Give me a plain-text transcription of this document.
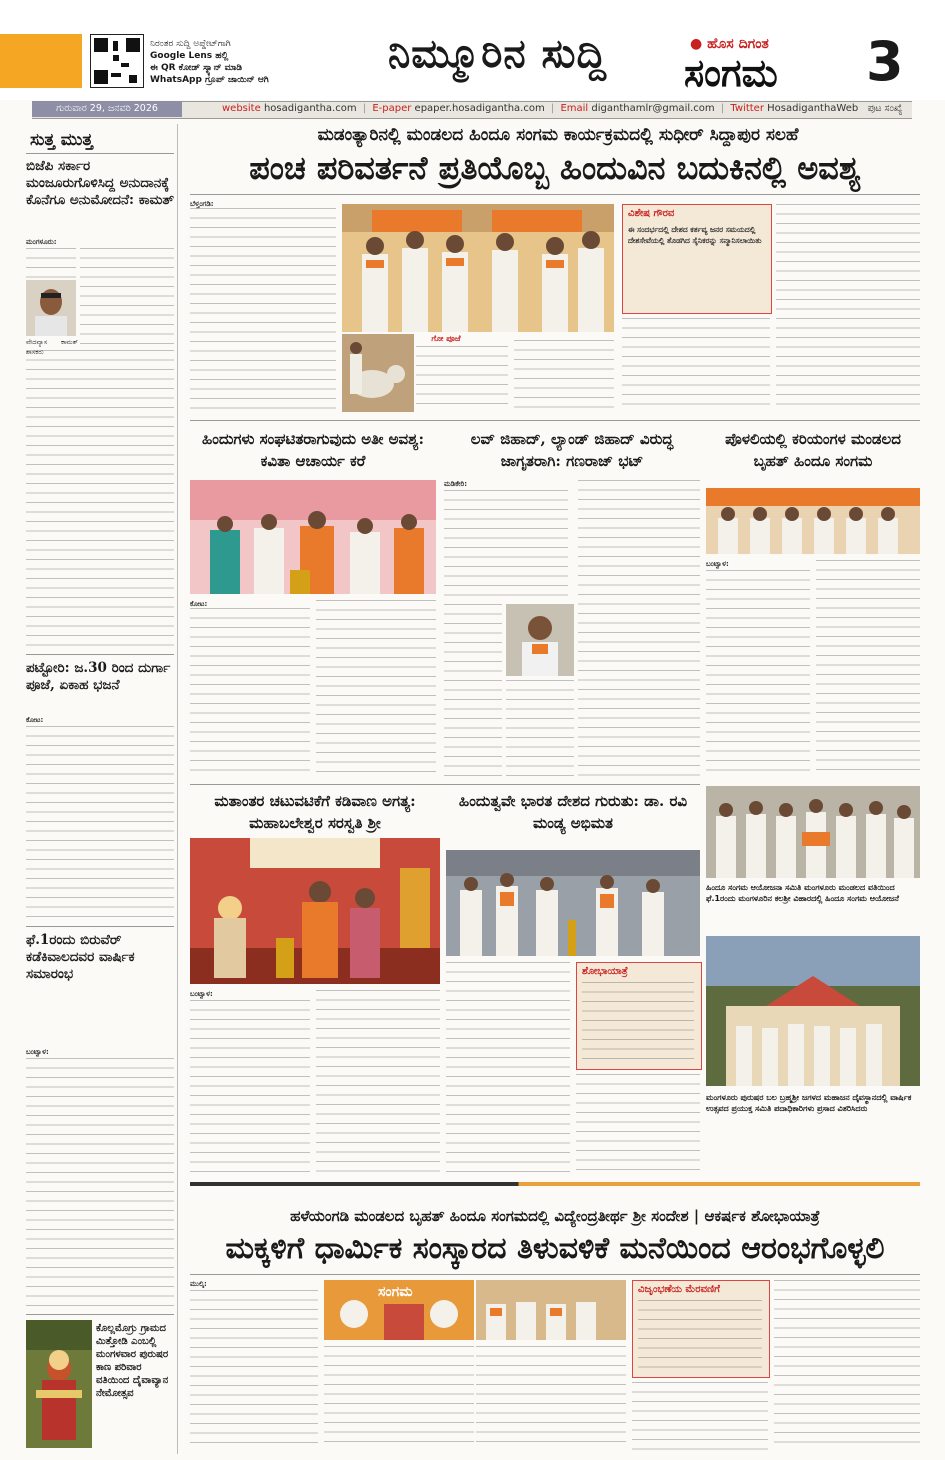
ನಿರಂತರ ಸುದ್ದಿ ಅಪ್ಡೇಟ್‌ಗಾಗಿ
Google Lens ಹಲ್ಲಿ
ಈ QR ಕೋಡ್ ಸ್ಕ್ಯಾನ್ ಮಾಡಿ
WhatsApp ಗ್ರೂಪ್ ಜಾಯಿನ್ ಆಗಿ
ನಿಮ್ಮೂರಿನ ಸುದ್ದಿ	● ಹೊಸ ದಿಗಂತ
ಸಂಗಮ 3
ಗುರುವಾರ 29, ಜನವರಿ 2026	website hosadigantha.com | E-paper epaper.hosadigantha.com | Email diganthamlr@gmail.com | Twitter HosadiganthaWeb ಪುಟ ಸಂಖ್ಯೆ
ಸುತ್ತ ಮುತ್ತ
ಬಿಜೆಪಿ ಸರ್ಕಾರ ಮಂಜೂರುಗೊಳಿಸಿದ್ದ ಅನುದಾನಕ್ಕೆ ಕೊನೆಗೂ ಅನುಮೋದನೆ: ಕಾಮತ್
ಮಂಗಳೂರು:
ವೇದವ್ಯಾಸ ಕಾಮತ್ ಶಾಸಕರು
ಪಟ್ಟೋರಿ: ಜ.30 ರಿಂದ ದುರ್ಗಾ ಪೂಜೆ, ಏಕಾಹ ಭಜನೆ
ಕೋಟ:
ಫೆ.1ರಂದು ಬಿರುವೆರ್ ಕಡೆಕಿವಾಲದವರ ವಾರ್ಷಿಕ ಸಮಾರಂಭ
ಬಂಟ್ವಾಳ:
ಕೊಲ್ಲಮೊಗ್ರು ಗ್ರಾಮದ ಮಿತ್ತೋಡಿ ಎಂಬಲ್ಲಿ ಮಂಗಳವಾರ ಪುರುಷರ ಕಾಣ ಪರಿವಾರ ವತಿಯಿಂದ ದೈವಾವ್ಯಾನ ನೇಮೋತ್ಸವ
ಮಡಂತ್ಯಾರಿನಲ್ಲಿ ಮಂಡಲದ ಹಿಂದೂ ಸಂಗಮ ಕಾರ್ಯಕ್ರಮದಲ್ಲಿ ಸುಧೀರ್ ಸಿದ್ದಾಪುರ ಸಲಹೆ
ಪಂಚ ಪರಿವರ್ತನೆ ಪ್ರತಿಯೊಬ್ಬ ಹಿಂದುವಿನ ಬದುಕಿನಲ್ಲಿ ಅವಶ್ಯ
ಬೆಳ್ತಂಗಡಿ:
ಗೋ ಪೂಜೆ
ವಿಶೇಷ ಗೌರವ
ಈ ಸಂದರ್ಭದಲ್ಲಿ ದೇಶದ ಕರ್ತವ್ಯ ಜನರ ಸಮಯದಲ್ಲಿ ದೇಶಸೇವೆಯಲ್ಲಿ ತೊಡಗಿದ ಸೈನಿಕರನ್ನು ಸನ್ಮಾನಿಸಲಾಯಿತು
ಹಿಂದುಗಳು ಸಂಘಟಿತರಾಗುವುದು ಅತೀ ಅವಶ್ಯ: ಕವಿತಾ ಆಚಾರ್ಯ ಕರೆ
ಕೋಟ:
ಲವ್ ಜಿಹಾದ್, ಲ್ಯಾಂಡ್ ಜಿಹಾದ್ ವಿರುದ್ಧ ಜಾಗೃತರಾಗಿ: ಗಣರಾಜ್ ಭಟ್
ಮಡಿಕೇರಿ:
ಪೊಳಲಿಯಲ್ಲಿ ಕರಿಯಂಗಳ ಮಂಡಲದ ಬೃಹತ್ ಹಿಂದೂ ಸಂಗಮ
ಬಂಟ್ವಾಳ:
ಮತಾಂತರ ಚಟುವಟಿಕೆಗೆ ಕಡಿವಾಣ ಅಗತ್ಯ: ಮಹಾಬಲೇಶ್ವರ ಸರಸ್ವತಿ ಶ್ರೀ
ಬಂಟ್ವಾಳ:
ಹಿಂದುತ್ವವೇ ಭಾರತ ದೇಶದ ಗುರುತು: ಡಾ. ರವಿ ಮಂಡ್ಯ ಅಭಿಮತ
ಶೋಭಾಯಾತ್ರೆ
ಹಿಂದೂ ಸಂಗಮ ಆಯೋಜನಾ ಸಮಿತಿ ಮಂಗಳೂರು ಮಂಡಲದ ವತಿಯಿಂದ ಫೆ.1ರಂದು ಮಂಗಳೂರಿನ ಕಲಶ್ರೀ ವಿಹಾರದಲ್ಲಿ ಹಿಂದೂ ಸಂಗಮ ಆಯೋಜನೆ
ಮಂಗಳೂರು ಪುರುಷರ ಬಲ ಬ್ರಹ್ಮಶ್ರೀ ಜಗಳದ ಮಹಾಜನ ದೈವಸ್ಥಾನದಲ್ಲಿ ವಾರ್ಷಿಕ ಉತ್ಸವದ ಪ್ರಯುಕ್ತ ಸಮಿತಿ ಪದಾಧಿಕಾರಿಗಳು ಪ್ರಸಾದ ವಿತರಿಸಿದರು
ಹಳೆಯಂಗಡಿ ಮಂಡಲದ ಬೃಹತ್ ಹಿಂದೂ ಸಂಗಮದಲ್ಲಿ ವಿದ್ಯೇಂದ್ರತೀರ್ಥ ಶ್ರೀ ಸಂದೇಶ | ಆಕರ್ಷಕ ಶೋಭಾಯಾತ್ರೆ
ಮಕ್ಕಳಿಗೆ ಧಾರ್ಮಿಕ ಸಂಸ್ಕಾರದ ತಿಳುವಳಿಕೆ ಮನೆಯಿಂದ ಆರಂಭಗೊಳ್ಳಲಿ
ಮುಲ್ಕಿ:	ಸಂಗಮ	ವಿಜೃಂಭಣೆಯ ಮೆರವಣಿಗೆ
